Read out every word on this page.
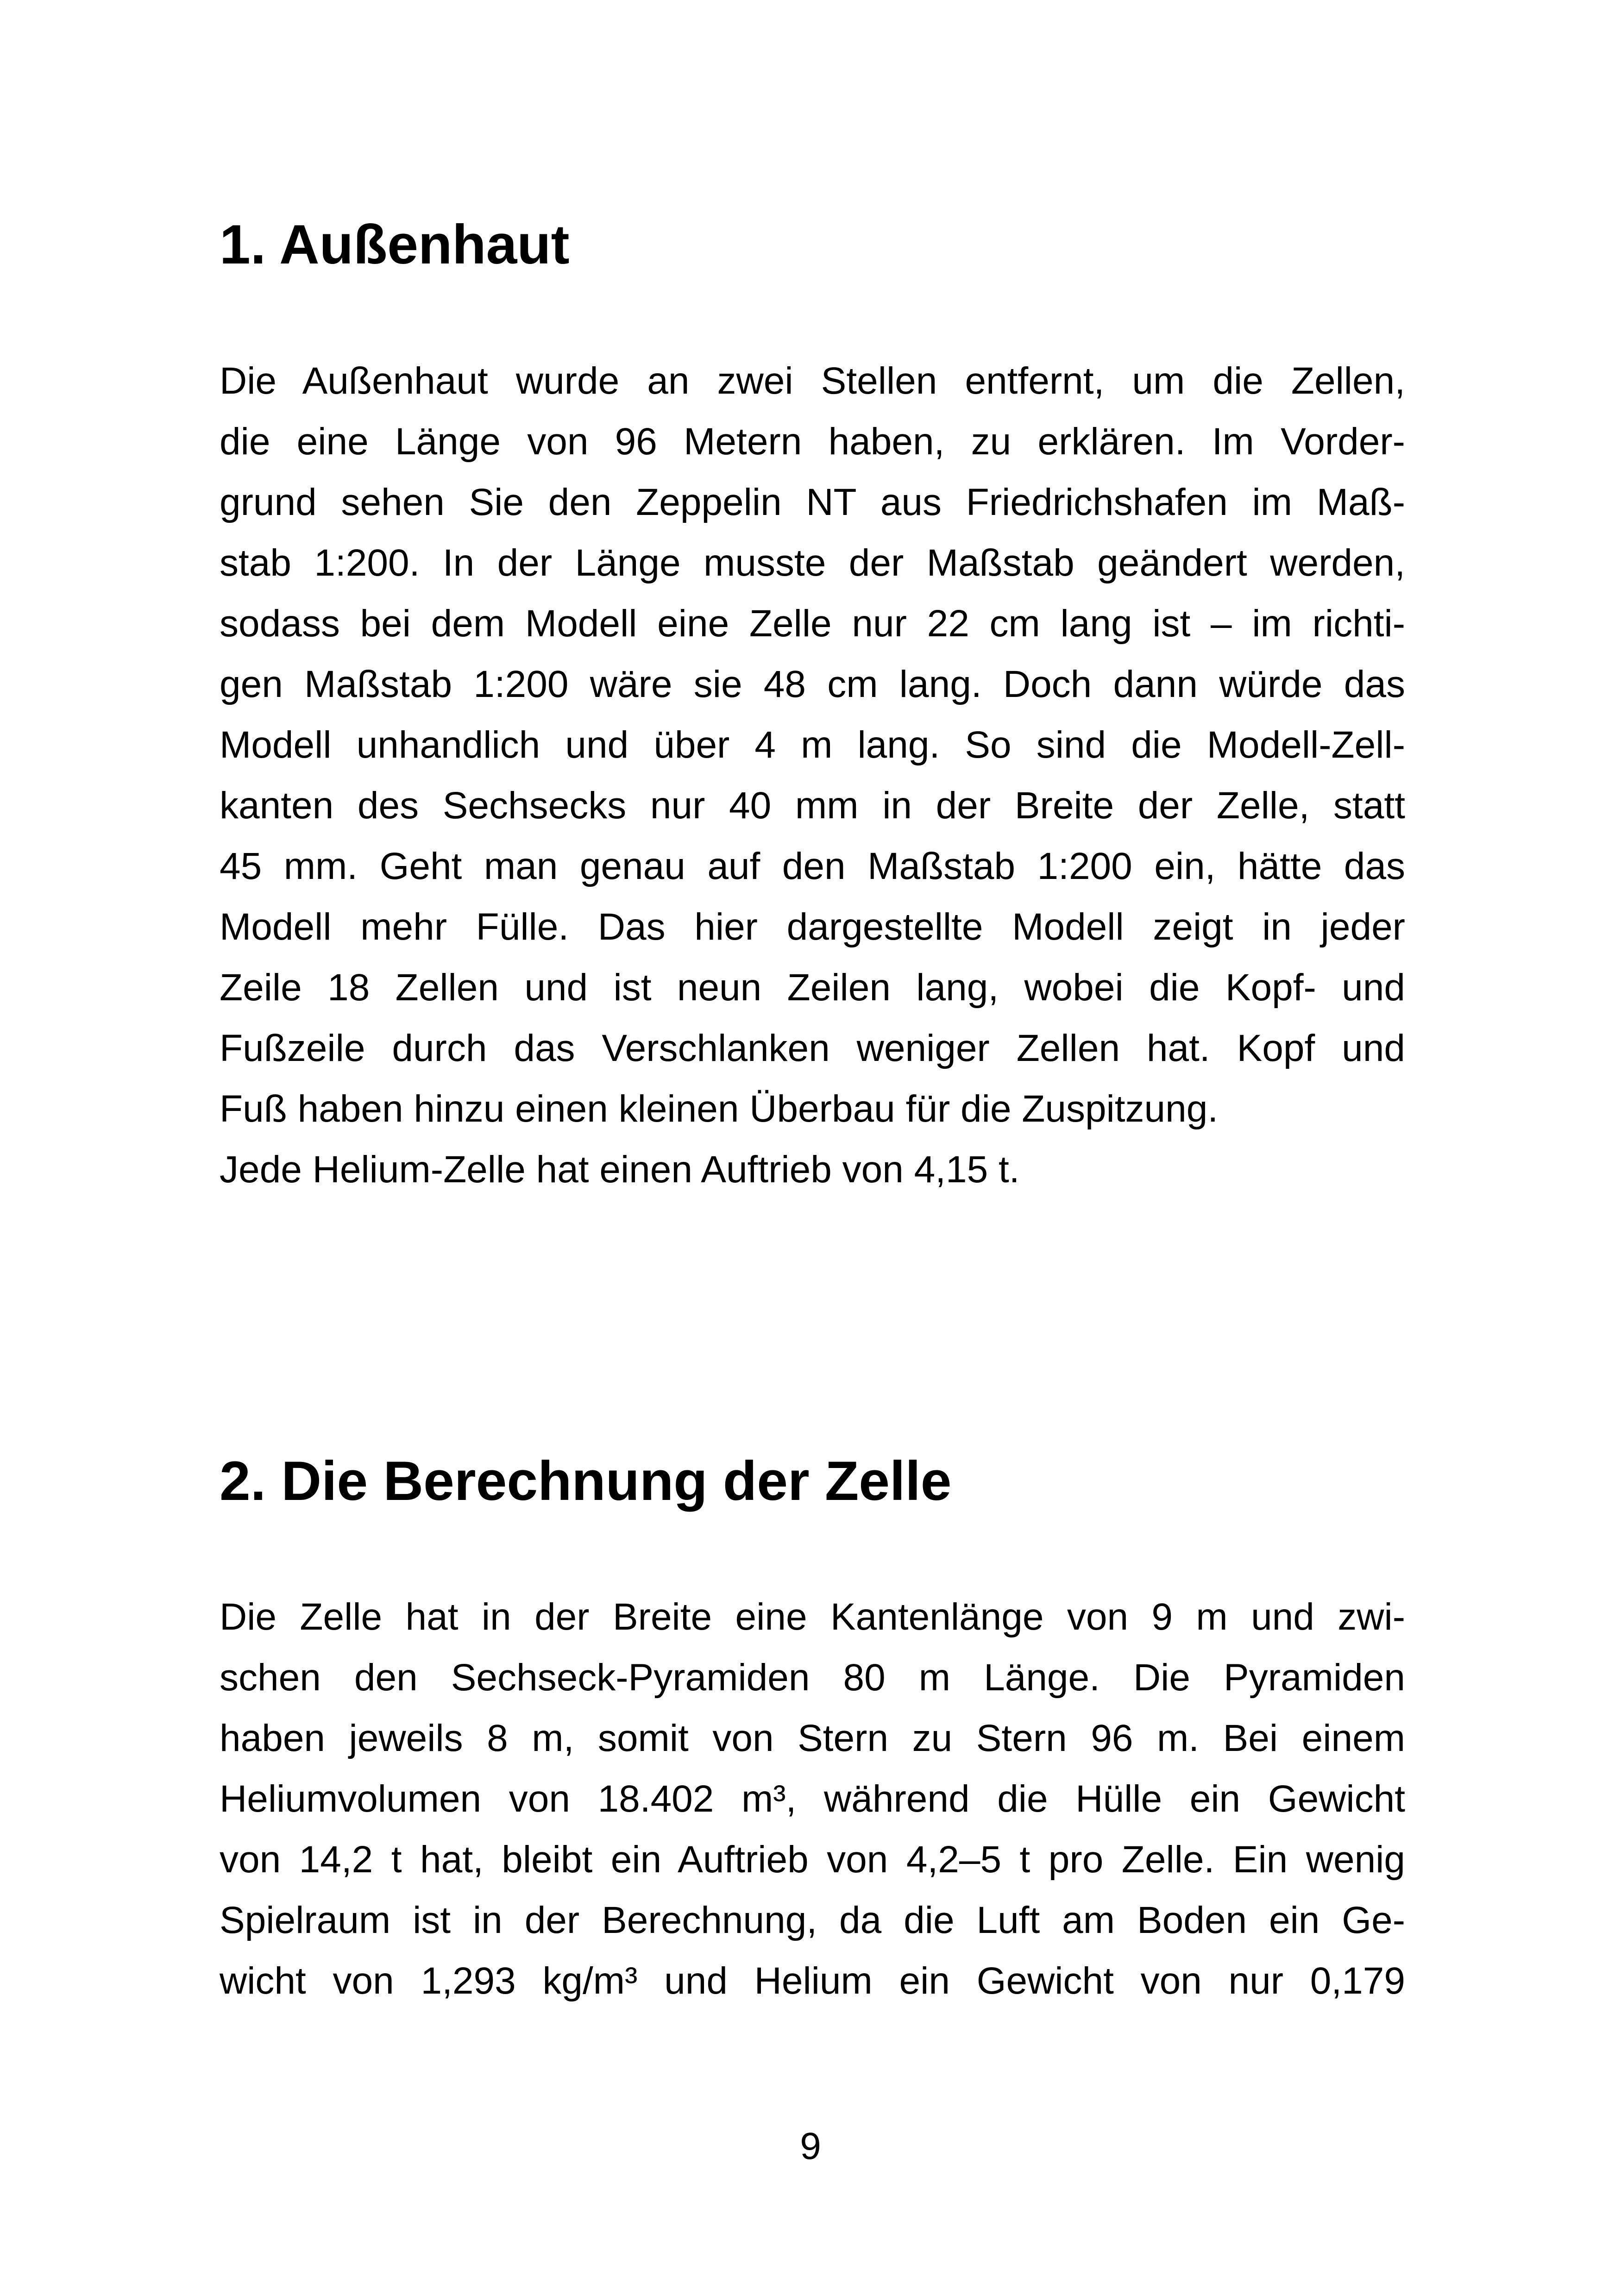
1. Außenhaut
Die Außenhaut wurde an zwei Stellen entfernt, um die Zellen,
die eine Länge von 96 Metern haben, zu erklären. Im Vorder-
grund sehen Sie den Zeppelin NT aus Friedrichshafen im Maß-
stab 1:200. In der Länge musste der Maßstab geändert werden,
sodass bei dem Modell eine Zelle nur 22 cm lang ist – im richti-
gen Maßstab 1:200 wäre sie 48 cm lang. Doch dann würde das
Modell unhandlich und über 4 m lang. So sind die Modell-Zell-
kanten des Sechsecks nur 40 mm in der Breite der Zelle, statt
45 mm. Geht man genau auf den Maßstab 1:200 ein, hätte das
Modell mehr Fülle. Das hier dargestellte Modell zeigt in jeder
Zeile 18 Zellen und ist neun Zeilen lang, wobei die Kopf- und
Fußzeile durch das Verschlanken weniger Zellen hat. Kopf und
Fuß haben hinzu einen kleinen Überbau für die Zuspitzung.
Jede Helium-Zelle hat einen Auftrieb von 4,15 t.
2. Die Berechnung der Zelle
Die Zelle hat in der Breite eine Kantenlänge von 9 m und zwi-
schen den Sechseck-Pyramiden 80 m Länge. Die Pyramiden
haben jeweils 8 m, somit von Stern zu Stern 96 m. Bei einem
Heliumvolumen von 18.402 m³, während die Hülle ein Gewicht
von 14,2 t hat, bleibt ein Auftrieb von 4,2–5 t pro Zelle. Ein wenig
Spielraum ist in der Berechnung, da die Luft am Boden ein Ge-
wicht von 1,293 kg/m³ und Helium ein Gewicht von nur 0,179
9
